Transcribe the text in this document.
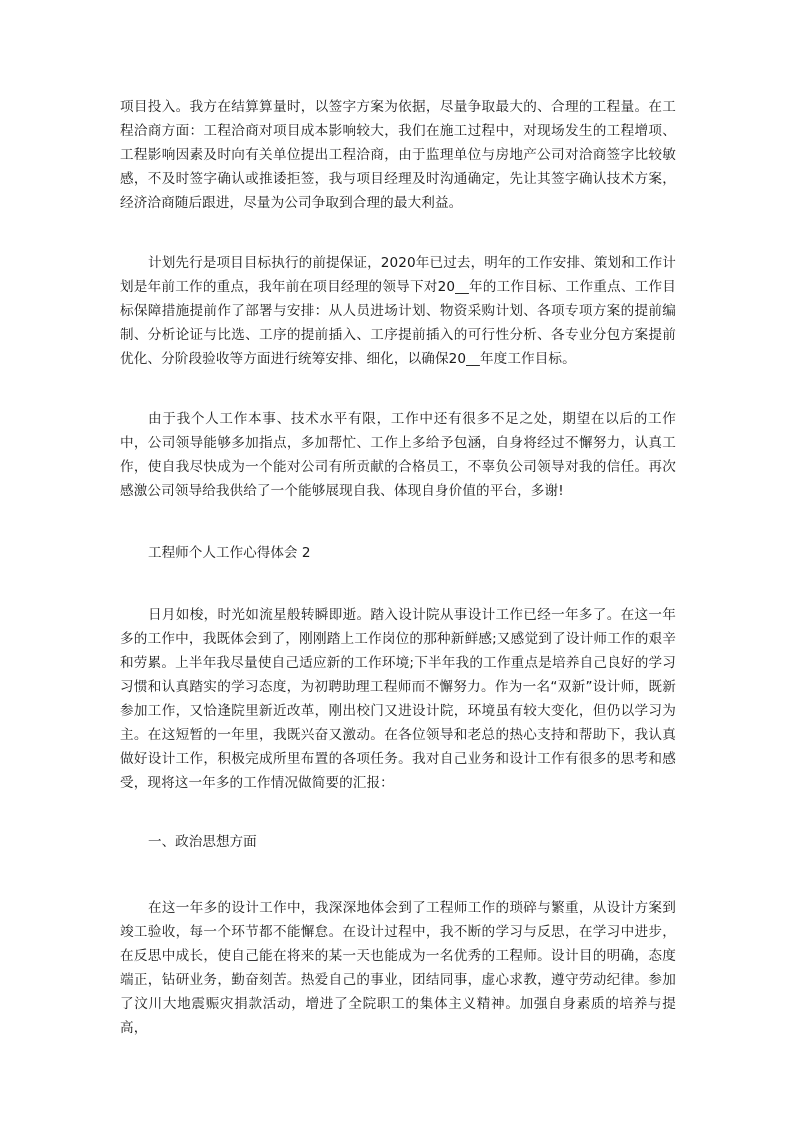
项目投入。我方在结算算量时，以签字方案为依据，尽量争取最大的、合理的工程量。在工程洽商方面：工程洽商对项目成本影响较大，我们在施工过程中，对现场发生的工程增项、工程影响因素及时向有关单位提出工程洽商，由于监理单位与房地产公司对洽商签字比较敏感，不及时签字确认或推诿拒签，我与项目经理及时沟通确定，先让其签字确认技术方案，经济洽商随后跟进，尽量为公司争取到合理的最大利益。

计划先行是项目目标执行的前提保证，2020年已过去，明年的工作安排、策划和工作计划是年前工作的重点，我年前在项目经理的领导下对20__年的工作目标、工作重点、工作目标保障措施提前作了部署与安排：从人员进场计划、物资采购计划、各项专项方案的提前编制、分析论证与比选、工序的提前插入、工序提前插入的可行性分析、各专业分包方案提前优化、分阶段验收等方面进行统筹安排、细化，以确保20__年度工作目标。

由于我个人工作本事、技术水平有限，工作中还有很多不足之处，期望在以后的工作中，公司领导能够多加指点，多加帮忙、工作上多给予包涵，自身将经过不懈努力，认真工作，使自我尽快成为一个能对公司有所贡献的合格员工，不辜负公司领导对我的信任。再次感激公司领导给我供给了一个能够展现自我、体现自身价值的平台，多谢!

工程师个人工作心得体会 2

日月如梭，时光如流星般转瞬即逝。踏入设计院从事设计工作已经一年多了。在这一年多的工作中，我既体会到了，刚刚踏上工作岗位的那种新鲜感;又感觉到了设计师工作的艰辛和劳累。上半年我尽量使自己适应新的工作环境;下半年我的工作重点是培养自己良好的学习习惯和认真踏实的学习态度，为初聘助理工程师而不懈努力。作为一名“双新”设计师，既新参加工作，又恰逢院里新近改革，刚出校门又进设计院，环境虽有较大变化，但仍以学习为主。在这短暂的一年里，我既兴奋又激动。在各位领导和老总的热心支持和帮助下，我认真做好设计工作，积极完成所里布置的各项任务。我对自己业务和设计工作有很多的思考和感受，现将这一年多的工作情况做简要的汇报：

一、政治思想方面

在这一年多的设计工作中，我深深地体会到了工程师工作的琐碎与繁重，从设计方案到竣工验收，每一个环节都不能懈怠。在设计过程中，我不断的学习与反思，在学习中进步，在反思中成长，使自己能在将来的某一天也能成为一名优秀的工程师。设计目的明确，态度端正，钻研业务，勤奋刻苦。热爱自己的事业，团结同事，虚心求教，遵守劳动纪律。参加了汶川大地震赈灾捐款活动，增进了全院职工的集体主义精神。加强自身素质的培养与提高，
